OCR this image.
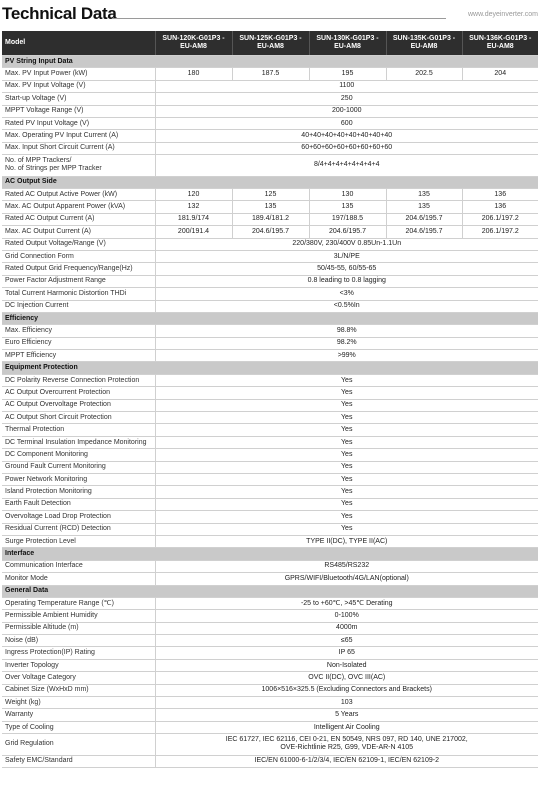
Technical Data	www.deyeinverter.com
Model	SUN-120K-G01P3 -EU-AM8	SUN-125K-G01P3 -EU-AM8	SUN-130K-G01P3 -EU-AM8	SUN-135K-G01P3 -EU-AM8	SUN-136K-G01P3 -EU-AM8
PV String Input Data					
Max. PV Input Power (kW)	180	187.5	195	202.5	204
Max. PV Input Voltage (V)	1100				
Start-up Voltage (V)	250				
MPPT Voltage Range (V)	200-1000				
Rated PV Input Voltage (V)	600				
Max. Operating PV Input Current (A)	40+40+40+40+40+40+40+40				
Max. Input Short Circuit Current (A)	60+60+60+60+60+60+60+60				
No. of MPP Trackers/
No. of Strings per MPP Tracker	8/4+4+4+4+4+4+4+4				
AC Output Side					
Rated AC Output Active Power (kW)	120	125	130	135	136
Max. AC Output Apparent Power (kVA)	132	135	135	135	136
Rated AC Output Current (A)	181.9/174	189.4/181.2	197/188.5	204.6/195.7	206.1/197.2
Max. AC Output Current (A)	200/191.4	204.6/195.7	204.6/195.7	204.6/195.7	206.1/197.2
Rated Output Voltage/Range (V)	220/380V, 230/400V 0.85Un-1.1Un				
Grid Connection Form	3L/N/PE				
Rated Output Grid Frequency/Range(Hz)	50/45-55, 60/55-65				
Power Factor Adjustment Range	0.8 leading to 0.8 lagging				
Total Current Harmonic Distortion THDi	<3%				
DC Injection Current	<0.5%In				
Efficiency					
Max. Efficiency	98.8%				
Euro Efficiency	98.2%				
MPPT Efficiency	>99%				
Equipment Protection					
DC Polarity Reverse Connection Protection	Yes				
AC Output Overcurrent Protection	Yes				
AC Output Overvoltage Protection	Yes				
AC Output Short Circuit Protection	Yes				
Thermal Protection	Yes				
DC Terminal Insulation Impedance Monitoring	Yes				
DC Component Monitoring	Yes				
Ground Fault Current Monitoring	Yes				
Power Network Monitoring	Yes				
Island Protection Monitoring	Yes				
Earth Fault Detection	Yes				
Overvoltage Load Drop Protection	Yes				
Residual Current (RCD) Detection	Yes				
Surge Protection Level	TYPE II(DC), TYPE II(AC)				
Interface					
Communication Interface	RS485/RS232				
Monitor Mode	GPRS/WIFI/Bluetooth/4G/LAN(optional)				
General Data					
Operating Temperature Range (℃)	-25 to +60℃, >45℃ Derating				
Permissible Ambient Humidity	0-100%				
Permissible Altitude (m)	4000m				
Noise (dB)	≤65				
Ingress Protection(IP) Rating	IP 65				
Inverter Topology	Non-Isolated				
Over Voltage Category	OVC II(DC), OVC III(AC)				
Cabinet Size (WxHxD mm)	1006×516×325.5 (Excluding Connectors and Brackets)				
Weight (kg)	103				
Warranty	5 Years				
Type of Cooling	Intelligent Air Cooling				
Grid Regulation	IEC 61727, IEC 62116, CEI 0-21, EN 50549, NRS 097, RD 140, UNE 217002,
OVE-Richtlinie R25, G99, VDE-AR-N 4105				
Safety EMC/Standard	IEC/EN 61000-6-1/2/3/4, IEC/EN 62109-1, IEC/EN 62109-2				
